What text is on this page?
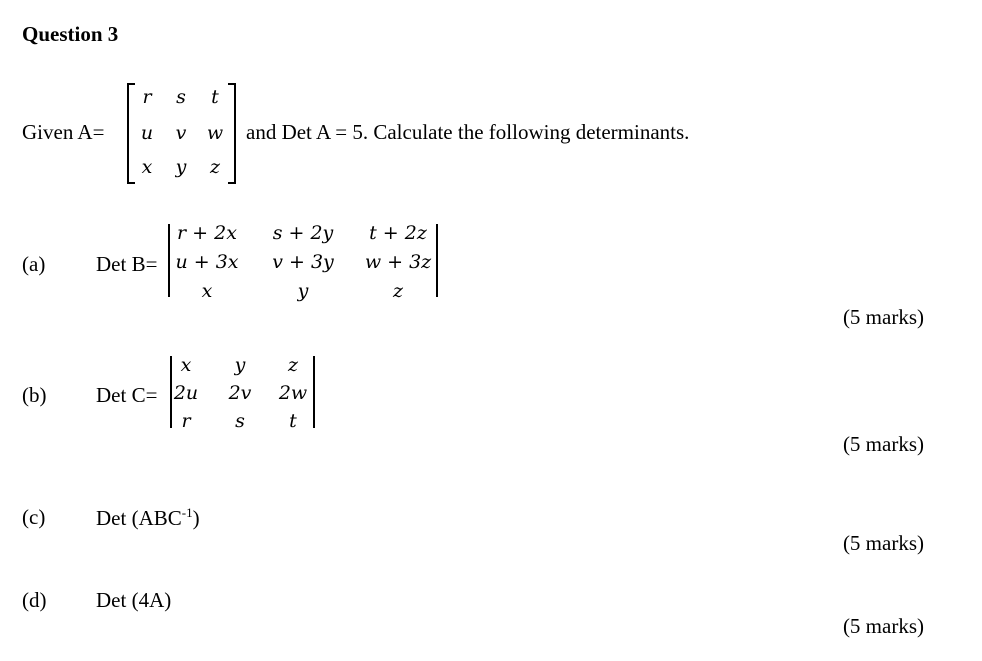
Question 3
Given A=
r s t
u v w
x y z
and Det A = 5. Calculate the following determinants.
(a) Det B=
r + 2x s + 2y t + 2z
u + 3x v + 3y w + 3z
x	y	z
(5 marks)
(b) Det C=
x y z
2u 2v 2w
r s t
(5 marks)
(c) Det $(ABC^{-1})$
(5 marks)
(d) Det (4A)
(5 marks)
